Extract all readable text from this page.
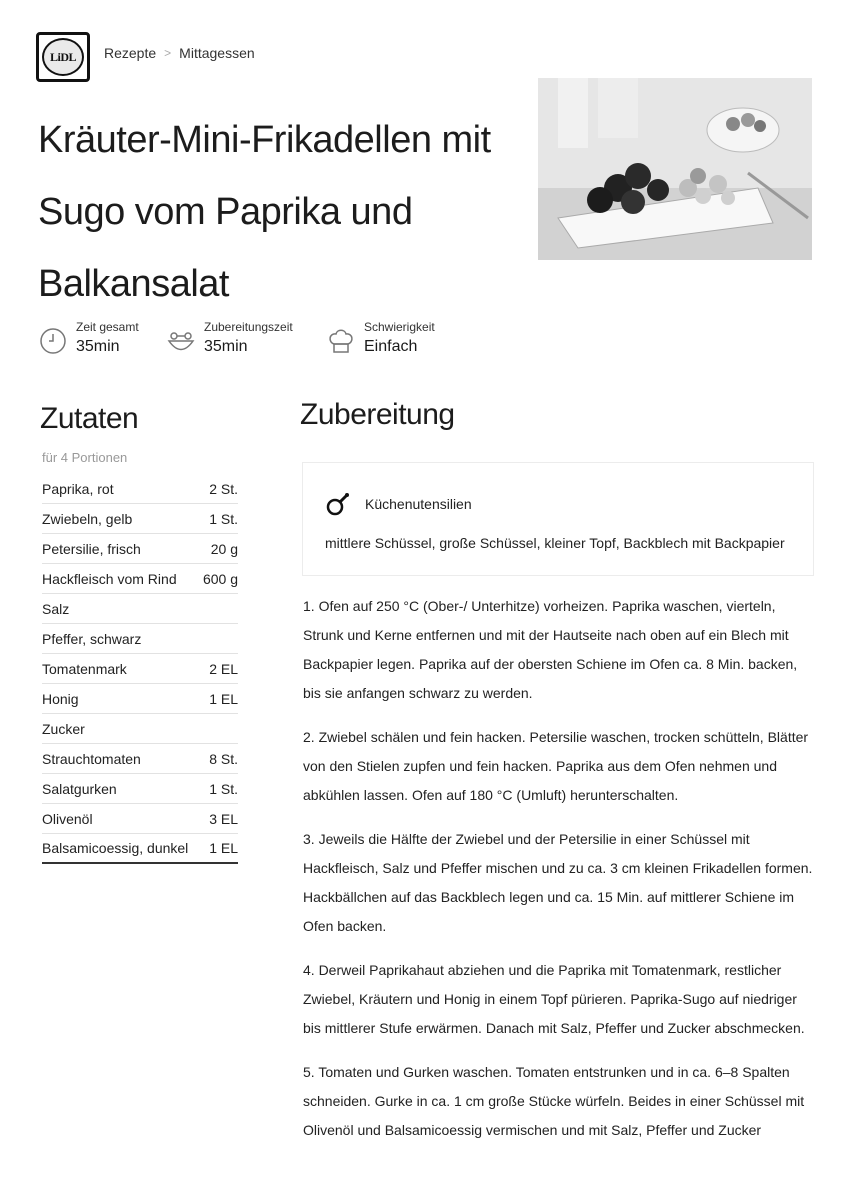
LiDL	Rezepte > Mittagessen
Kräuter-Mini-Frikadellen mit Sugo vom Paprika und Balkansalat
Zeit gesamt
35min
Zubereitungszeit
35min
Schwierigkeit
Einfach
Zutaten
für 4 Portionen
Paprika, rot	2 St.
Zwiebeln, gelb	1 St.
Petersilie, frisch	20 g
Hackfleisch vom Rind 600 g
Salz
Pfeffer, schwarz
Tomatenmark	2 EL
Honig	1 EL
Zucker
Strauchtomaten	8 St.
Salatgurken	1 St.
Olivenöl	3 EL
Balsamicoessig, dunkel 1 EL
Zubereitung
Küchenutensilien
mittlere Schüssel, große Schüssel, kleiner Topf, Backblech mit Backpapier

1. Ofen auf 250 °C (Ober-/ Unterhitze) vorheizen. Paprika waschen, vierteln, Strunk und Kerne entfernen und mit der Hautseite nach oben auf ein Blech mit Backpapier legen. Paprika auf der obersten Schiene im Ofen ca. 8 Min. backen, bis sie anfangen schwarz zu werden.

2. Zwiebel schälen und fein hacken. Petersilie waschen, trocken schütteln, Blätter von den Stielen zupfen und fein hacken. Paprika aus dem Ofen nehmen und abkühlen lassen. Ofen auf 180 °C (Umluft) herunterschalten.

3. Jeweils die Hälfte der Zwiebel und der Petersilie in einer Schüssel mit Hackfleisch, Salz und Pfeffer mischen und zu ca. 3 cm kleinen Frikadellen formen. Hackbällchen auf das Backblech legen und ca. 15 Min. auf mittlerer Schiene im Ofen backen.

4. Derweil Paprikahaut abziehen und die Paprika mit Tomatenmark, restlicher Zwiebel, Kräutern und Honig in einem Topf pürieren. Paprika-Sugo auf niedriger bis mittlerer Stufe erwärmen. Danach mit Salz, Pfeffer und Zucker abschmecken.

5. Tomaten und Gurken waschen. Tomaten entstrunken und in ca. 6–8 Spalten schneiden. Gurke in ca. 1 cm große Stücke würfeln. Beides in einer Schüssel mit Olivenöl und Balsamicoessig vermischen und mit Salz, Pfeffer und Zucker
